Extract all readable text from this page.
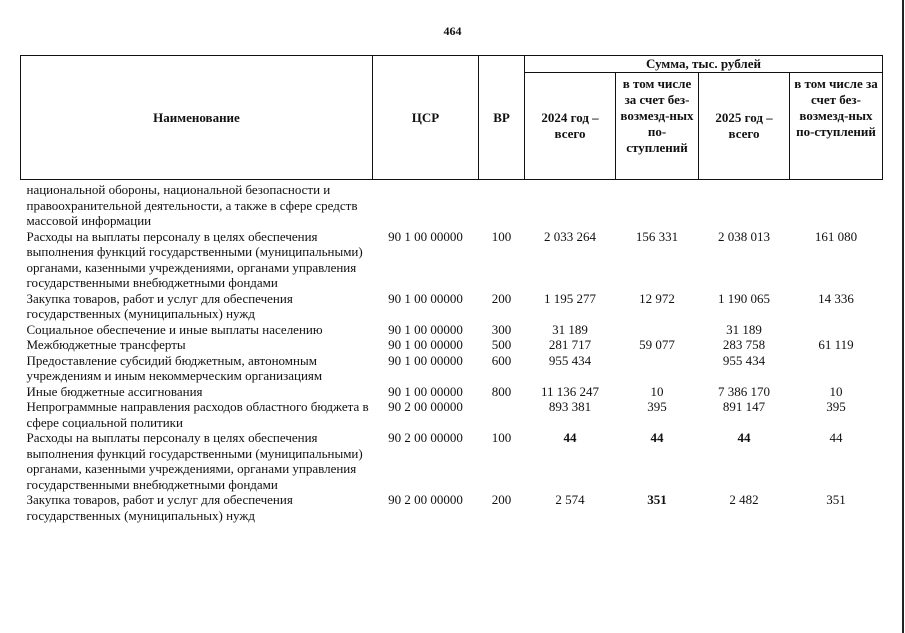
464
Наименование	ЦСР	ВР	Сумма, тыс. рублей			
			2024 год – всего	в том числе за счет без-возмезд-ных по-ступлений	2025 год – всего	в том числе за счет без-возмезд-ных по-ступлений
национальной обороны, национальной безопасности и правоохранительной деятельности, а также в сфере средств массовой информации						
Расходы на выплаты персоналу в целях обеспечения выполнения функций государственными (муниципальными) органами, казенными учреждениями, органами управления государственными внебюджетными фондами	90 1 00 00000	100	2 033 264	156 331	2 038 013	161 080
Закупка товаров, работ и услуг для обеспечения государственных (муниципальных) нужд	90 1 00 00000	200	1 195 277	12 972	1 190 065	14 336
Социальное обеспечение и иные выплаты населению	90 1 00 00000	300	31 189		31 189	
Межбюджетные трансферты	90 1 00 00000	500	281 717	59 077	283 758	61 119
Предоставление субсидий бюджетным, автономным учреждениям и иным некоммерческим организациям	90 1 00 00000	600	955 434		955 434	
Иные бюджетные ассигнования	90 1 00 00000	800	11 136 247	10	7 386 170	10
Непрограммные направления расходов областного бюджета в сфере социальной политики	90 2 00 00000		893 381	395	891 147	395
Расходы на выплаты персоналу в целях обеспечения выполнения функций государственными (муниципальными) органами, казенными учреждениями, органами управления государственными внебюджетными фондами	90 2 00 00000	100	44	44	44	44
Закупка товаров, работ и услуг для обеспечения государственных (муниципальных) нужд	90 2 00 00000	200	2 574	351	2 482	351
